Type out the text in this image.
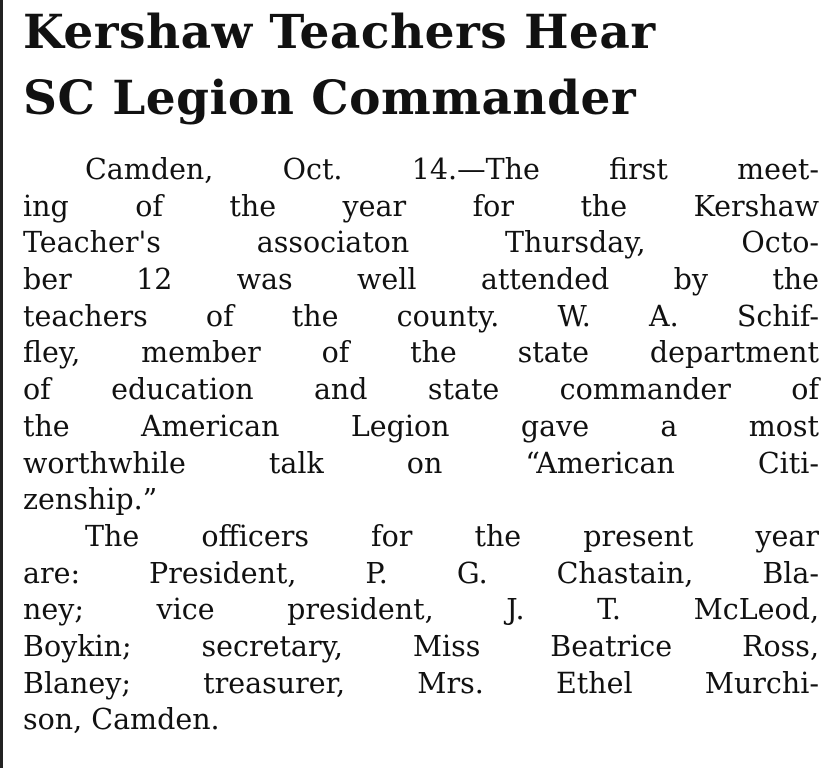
Kershaw Teachers Hear
SC Legion Commander
Camden, Oct. 14.—The first meet-
ing of the year for the Kershaw
Teacher's associaton Thursday, Octo-
ber 12 was well attended by the
teachers of the county. W. A. Schif-
fley, member of the state department
of education and state commander of
the American Legion gave a most
worthwhile talk on “American Citi-
zenship.”
The officers for the present year
are: President, P. G. Chastain, Bla-
ney; vice president, J. T. McLeod,
Boykin; secretary, Miss Beatrice Ross,
Blaney; treasurer, Mrs. Ethel Murchi-
son, Camden.
